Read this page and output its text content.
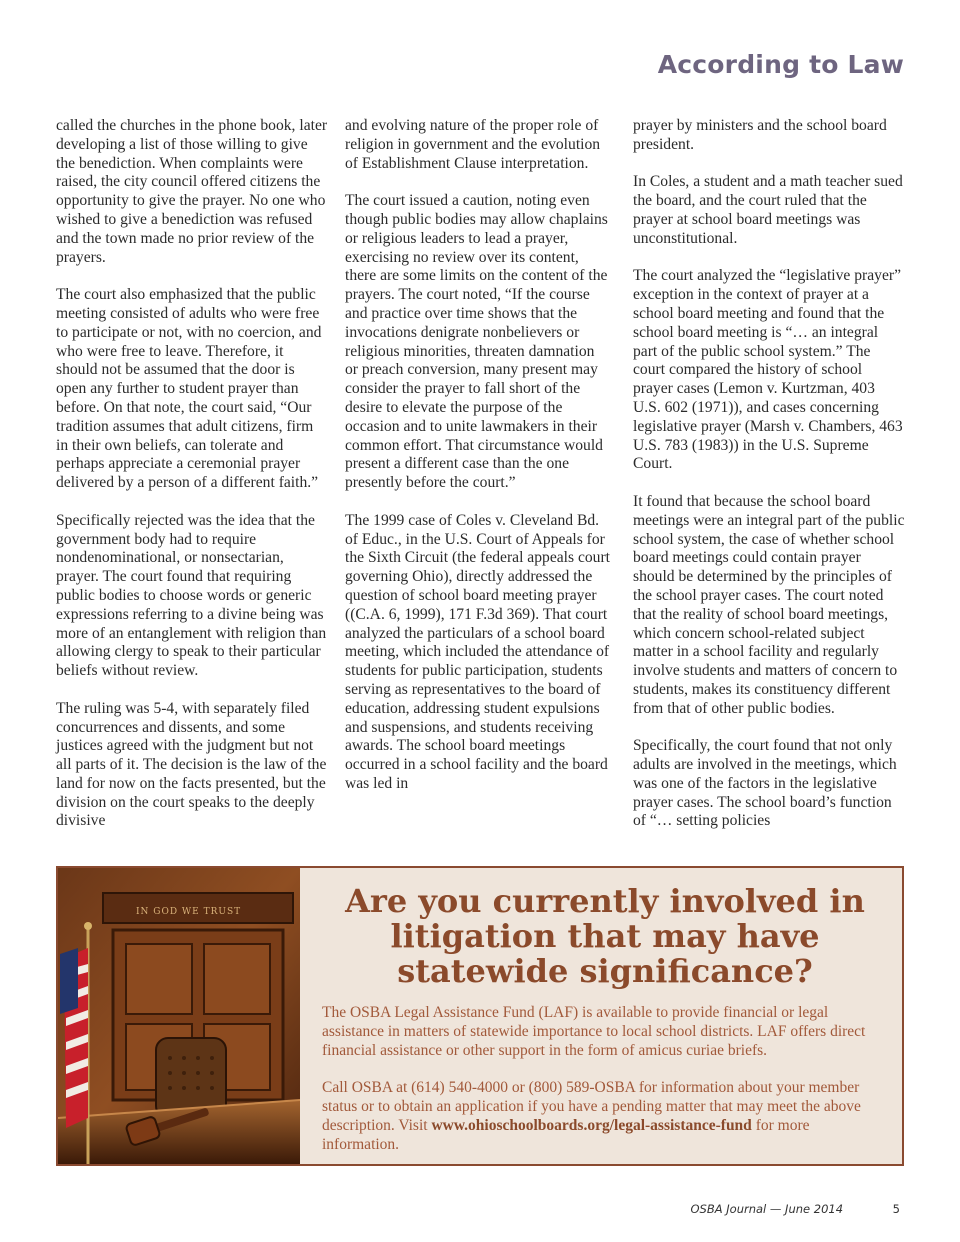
According to Law

called the churches in the phone book, later developing a list of those willing to give the benediction. When complaints were raised, the city council offered citizens the opportunity to give the prayer. No one who wished to give a benediction was refused and the town made no prior review of the prayers.

The court also emphasized that the public meeting consisted of adults who were free to participate or not, with no coercion, and who were free to leave. Therefore, it should not be assumed that the door is open any further to student prayer than before. On that note, the court said, “Our tradition assumes that adult citizens, firm in their own beliefs, can tolerate and perhaps appreciate a ceremonial prayer delivered by a person of a different faith.”

Specifically rejected was the idea that the government body had to require nondenominational, or nonsectarian, prayer. The court found that requiring public bodies to choose words or generic expressions referring to a divine being was more of an entanglement with religion than allowing clergy to speak to their particular beliefs without review.

The ruling was 5-4, with separately filed concurrences and dissents, and some justices agreed with the judgment but not all parts of it. The decision is the law of the land for now on the facts presented, but the division on the court speaks to the deeply divisive

and evolving nature of the proper role of religion in government and the evolution of Establishment Clause interpretation.

The court issued a caution, noting even though public bodies may allow chaplains or religious leaders to lead a prayer, exercising no review over its content, there are some limits on the content of the prayers. The court noted, “If the course and practice over time shows that the invocations denigrate nonbelievers or religious minorities, threaten damnation or preach conversion, many present may consider the prayer to fall short of the desire to elevate the purpose of the occasion and to unite lawmakers in their common effort. That circumstance would present a different case than the one presently before the court.”

The 1999 case of Coles v. Cleveland Bd. of Educ., in the U.S. Court of Appeals for the Sixth Circuit (the federal appeals court governing Ohio), directly addressed the question of school board meeting prayer ((C.A. 6, 1999), 171 F.3d 369). That court analyzed the particulars of a school board meeting, which included the attendance of students for public participation, students serving as representatives to the board of education, addressing student expulsions and suspensions, and students receiving awards. The school board meetings occurred in a school facility and the board was led in

prayer by ministers and the school board president.

In Coles, a student and a math teacher sued the board, and the court ruled that the prayer at school board meetings was unconstitutional.

The court analyzed the “legislative prayer” exception in the context of prayer at a school board meeting and found that the school board meeting is “… an integral part of the public school system.” The court compared the history of school prayer cases (Lemon v. Kurtzman, 403 U.S. 602 (1971)), and cases concerning legislative prayer (Marsh v. Chambers, 463 U.S. 783 (1983)) in the U.S. Supreme Court.

It found that because the school board meetings were an integral part of the public school system, the case of whether school board meetings could contain prayer should be determined by the principles of the school prayer cases. The court noted that the reality of school board meetings, which concern school-related subject matter in a school facility and regularly involve students and matters of concern to students, makes its constituency different from that of other public bodies.

Specifically, the court found that not only adults are involved in the meetings, which was one of the factors in the legislative prayer cases. The school board’s function of “… setting policies

IN GOD WE TRUST	Are you currently involved in litigation that may have statewide significance?

The OSBA Legal Assistance Fund (LAF) is available to provide financial or legal assistance in matters of statewide importance to local school districts. LAF offers direct financial assistance or other support in the form of amicus curiae briefs.

Call OSBA at (614) 540-4000 or (800) 589-OSBA for information about your member status or to obtain an application if you have a pending matter that may meet the above description. Visit www.ohioschoolboards.org/legal-assistance-fund for more information.

OSBA Journal — June 2014	5
